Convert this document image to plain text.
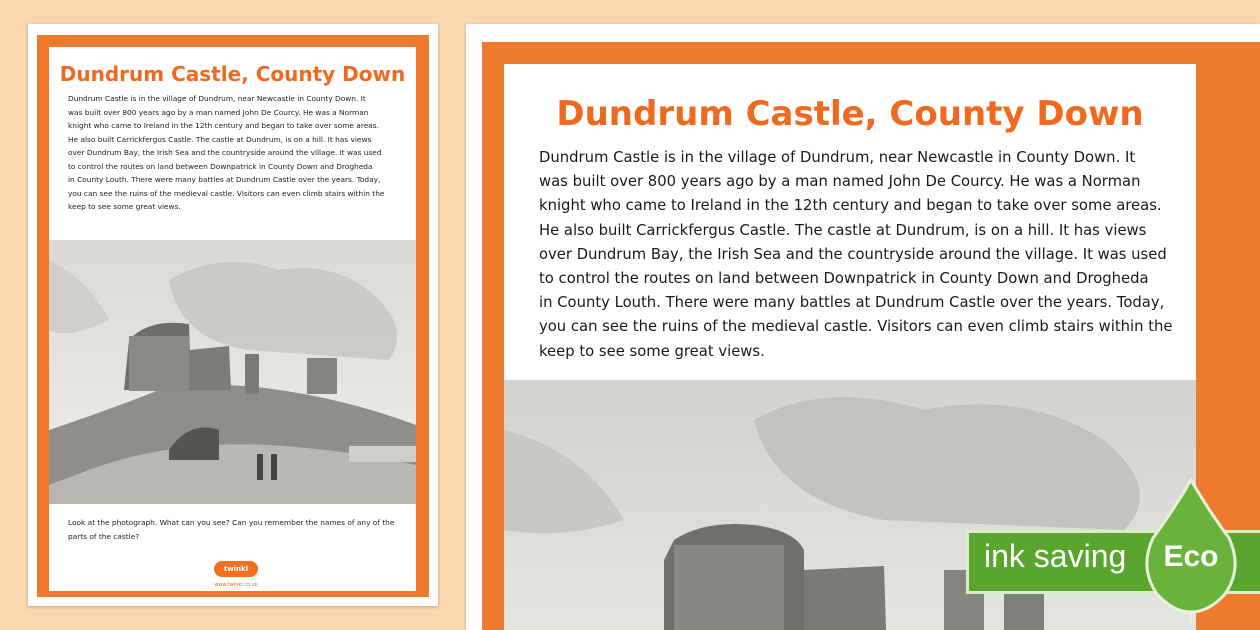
Dundrum Castle, County Down
Dundrum Castle is in the village of Dundrum, near Newcastle in County Down. It
was built over 800 years ago by a man named John De Courcy. He was a Norman
knight who came to Ireland in the 12th century and began to take over some areas.
He also built Carrickfergus Castle. The castle at Dundrum, is on a hill. It has views
over Dundrum Bay, the Irish Sea and the countryside around the village. It was used
to control the routes on land between Downpatrick in County Down and Drogheda
in County Louth. There were many battles at Dundrum Castle over the years. Today,
you can see the ruins of the medieval castle. Visitors can even climb stairs within the
keep to see some great views.
Look at the photograph. What can you see? Can you remember the names of any of the parts of the castle?
twinkl
www.twinkl.co.uk
Dundrum Castle, County Down
Dundrum Castle is in the village of Dundrum, near Newcastle in County Down. It
was built over 800 years ago by a man named John De Courcy. He was a Norman
knight who came to Ireland in the 12th century and began to take over some areas.
He also built Carrickfergus Castle. The castle at Dundrum, is on a hill. It has views
over Dundrum Bay, the Irish Sea and the countryside around the village. It was used
to control the routes on land between Downpatrick in County Down and Drogheda
in County Louth. There were many battles at Dundrum Castle over the years. Today,
you can see the ruins of the medieval castle. Visitors can even climb stairs within the
keep to see some great views.
ink saving Eco
